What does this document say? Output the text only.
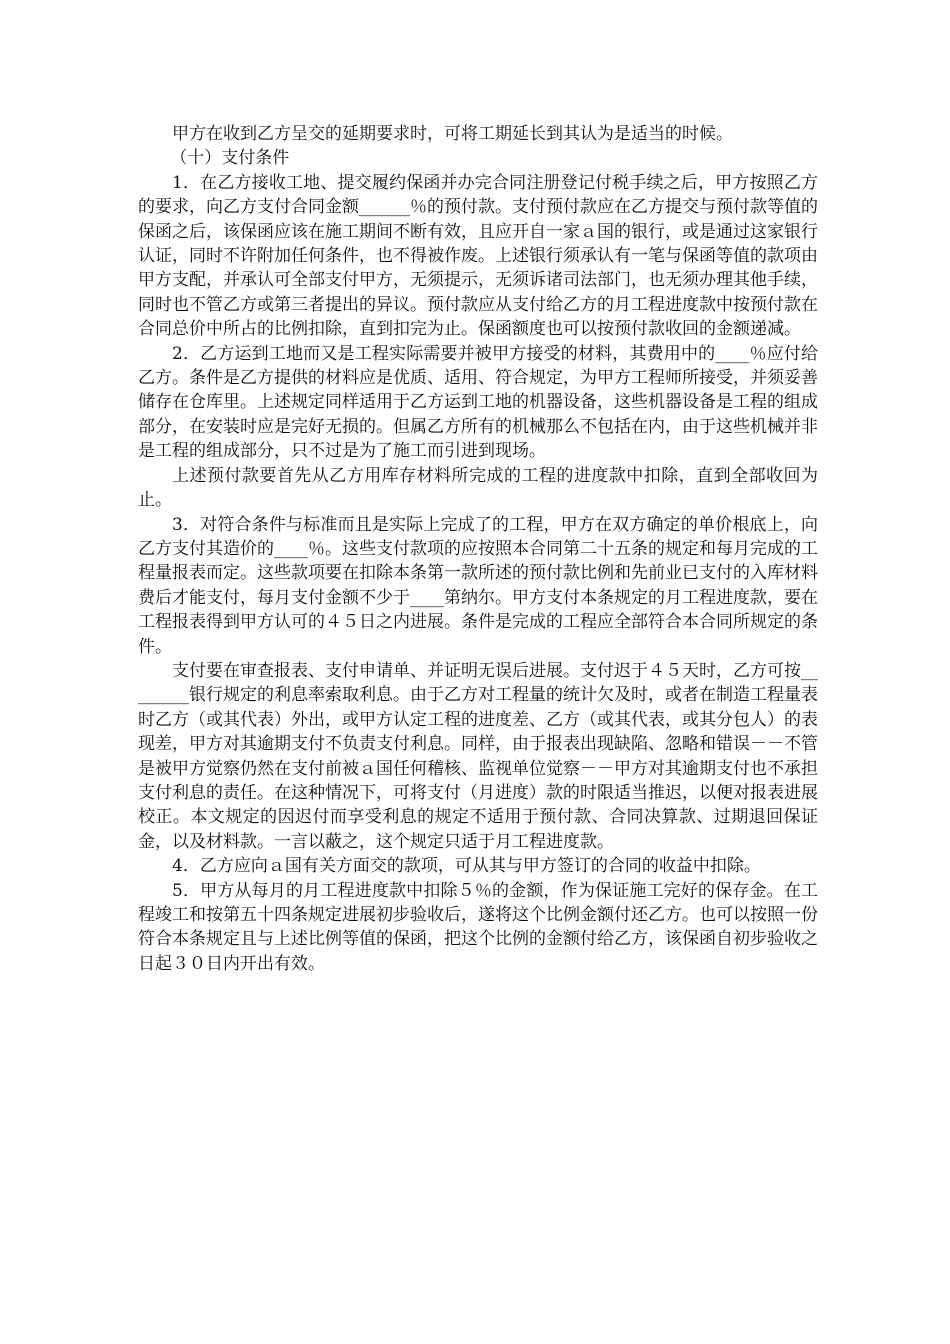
甲方在收到乙方呈交的延期要求时，可将工期延长到其认为是适当的时候。

（十）支付条件

1．在乙方接收工地、提交履约保函并办完合同注册登记付税手续之后，甲方按照乙方的要求，向乙方支付合同金额______％的预付款。支付预付款应在乙方提交与预付款等值的保函之后，该保函应该在施工期间不断有效，且应开自一家ａ国的银行，或是通过这家银行认证，同时不许附加任何条件，也不得被作废。上述银行须承认有一笔与保函等值的款项由甲方支配，并承认可全部支付甲方，无须提示，无须诉诸司法部门，也无须办理其他手续，同时也不管乙方或第三者提出的异议。预付款应从支付给乙方的月工程进度款中按预付款在合同总价中所占的比例扣除，直到扣完为止。保函额度也可以按预付款收回的金额递减。

2．乙方运到工地而又是工程实际需要并被甲方接受的材料，其费用中的____％应付给乙方。条件是乙方提供的材料应是优质、适用、符合规定，为甲方工程师所接受，并须妥善储存在仓库里。上述规定同样适用于乙方运到工地的机器设备，这些机器设备是工程的组成部分，在安装时应是完好无损的。但属乙方所有的机械那么不包括在内，由于这些机械并非是工程的组成部分，只不过是为了施工而引进到现场。

上述预付款要首先从乙方用库存材料所完成的工程的进度款中扣除，直到全部收回为止。

3．对符合条件与标准而且是实际上完成了的工程，甲方在双方确定的单价根底上，向乙方支付其造价的____％。这些支付款项的应按照本合同第二十五条的规定和每月完成的工程量报表而定。这些款项要在扣除本条第一款所述的预付款比例和先前业已支付的入库材料费后才能支付，每月支付金额不少于____第纳尔。甲方支付本条规定的月工程进度款，要在工程报表得到甲方认可的４５日之内进展。条件是完成的工程应全部符合本合同所规定的条件。

支付要在审查报表、支付申请单、并证明无误后进展。支付迟于４５天时，乙方可按________银行规定的利息率索取利息。由于乙方对工程量的统计欠及时，或者在制造工程量表时乙方（或其代表）外出，或甲方认定工程的进度差、乙方（或其代表，或其分包人）的表现差，甲方对其逾期支付不负责支付利息。同样，由于报表出现缺陷、忽略和错误－－不管是被甲方觉察仍然在支付前被ａ国任何稽核、监视单位觉察－－甲方对其逾期支付也不承担支付利息的责任。在这种情况下，可将支付（月进度）款的时限适当推迟，以便对报表进展校正。本文规定的因迟付而享受利息的规定不适用于预付款、合同决算款、过期退回保证金，以及材料款。一言以蔽之，这个规定只适于月工程进度款。

4．乙方应向ａ国有关方面交的款项，可从其与甲方签订的合同的收益中扣除。

5．甲方从每月的月工程进度款中扣除５％的金额，作为保证施工完好的保存金。在工程竣工和按第五十四条规定进展初步验收后，遂将这个比例金额付还乙方。也可以按照一份符合本条规定且与上述比例等值的保函，把这个比例的金额付给乙方，该保函自初步验收之日起３０日内开出有效。
